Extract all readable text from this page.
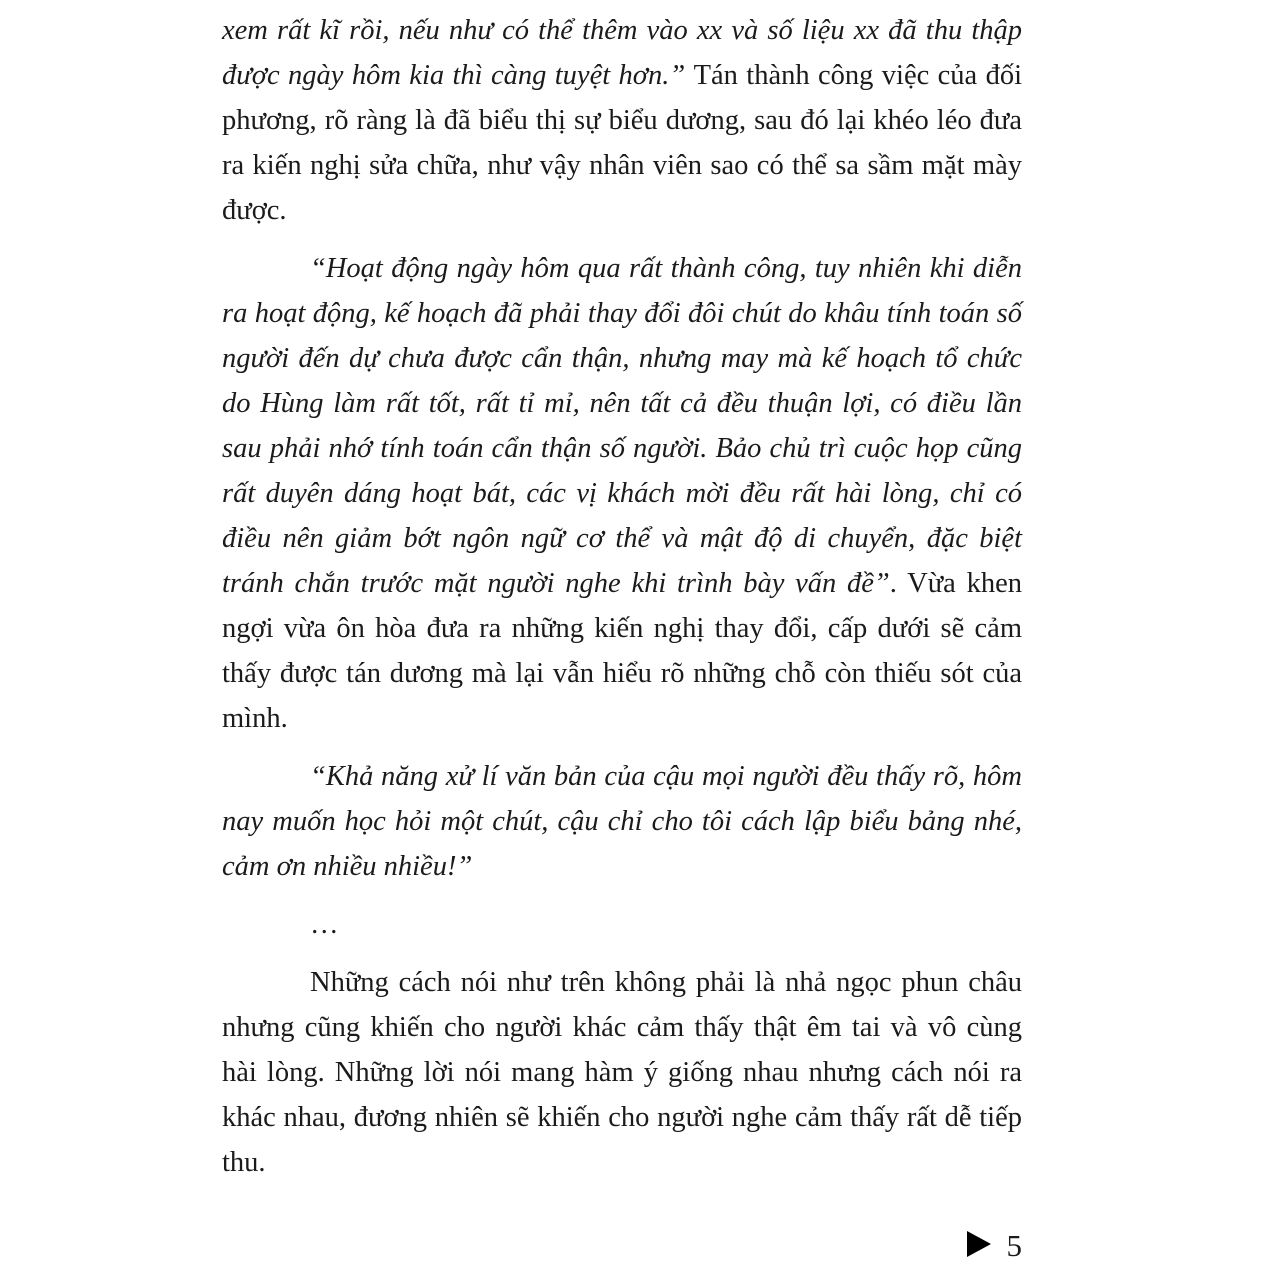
xem rất kĩ rồi, nếu như có thể thêm vào xx và số liệu xx đã thu thập được ngày hôm kia thì càng tuyệt hơn.” Tán thành công việc của đối phương, rõ ràng là đã biểu thị sự biểu dương, sau đó lại khéo léo đưa ra kiến nghị sửa chữa, như vậy nhân viên sao có thể sa sầm mặt mày được.

“Hoạt động ngày hôm qua rất thành công, tuy nhiên khi diễn ra hoạt động, kế hoạch đã phải thay đổi đôi chút do khâu tính toán số người đến dự chưa được cẩn thận, nhưng may mà kế hoạch tổ chức do Hùng làm rất tốt, rất tỉ mỉ, nên tất cả đều thuận lợi, có điều lần sau phải nhớ tính toán cẩn thận số người. Bảo chủ trì cuộc họp cũng rất duyên dáng hoạt bát, các vị khách mời đều rất hài lòng, chỉ có điều nên giảm bớt ngôn ngữ cơ thể và mật độ di chuyển, đặc biệt tránh chắn trước mặt người nghe khi trình bày vấn đề”. Vừa khen ngợi vừa ôn hòa đưa ra những kiến nghị thay đổi, cấp dưới sẽ cảm thấy được tán dương mà lại vẫn hiểu rõ những chỗ còn thiếu sót của mình.

“Khả năng xử lí văn bản của cậu mọi người đều thấy rõ, hôm nay muốn học hỏi một chút, cậu chỉ cho tôi cách lập biểu bảng nhé, cảm ơn nhiều nhiều!”

…

Những cách nói như trên không phải là nhả ngọc phun châu nhưng cũng khiến cho người khác cảm thấy thật êm tai và vô cùng hài lòng. Những lời nói mang hàm ý giống nhau nhưng cách nói ra khác nhau, đương nhiên sẽ khiến cho người nghe cảm thấy rất dễ tiếp thu.

5
